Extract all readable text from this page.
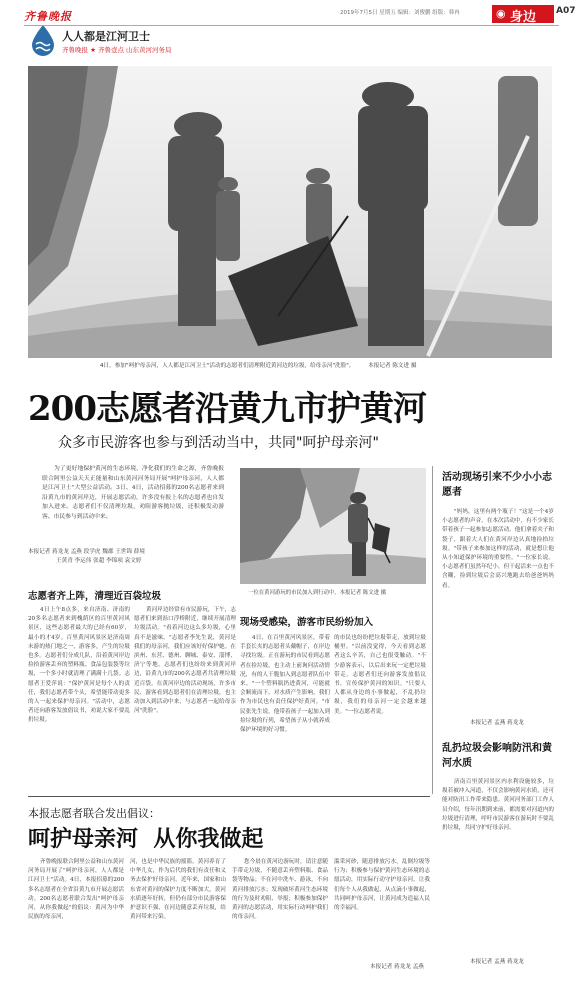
齐鲁晚报
人人都是江河卫士
齐鲁晚报 ★ 齐鲁壹点 山东黄河河务局
2019年7月5日 星期五 编辑：刘俊鹏 组版：韩冉	◉ 身边 A07
4日，参加"呵护母亲河，人人都是江河卫士"活动的志愿者们清理附近黄河边的垃圾，给母亲河"洗脸"。 本报记者 陈文进 摄
200志愿者沿黄九市护黄河
众多市民游客也参与到活动当中，共同"呵护母亲河"
为了更好地保护黄河的生态环境，净化我们的生命之源，齐鲁晚报联合阿里公益天天正能量和山东黄河河务局开展"呵护母亲河，人人都是江河卫士"大型公益活动。3日、4日，活动招募的200名志愿者来到沿黄九市的黄河岸边，开展志愿活动，许多没有报上名的志愿者也自发加入进来。志愿者们不仅清理垃圾，劝阻游客抛垃圾，还积极发动游客、市民参与到活动中来。
本报记者 蒋龙龙 孟燕 段学虎 魏郡 王世锦 薛境
王黄青 李运伟 张超 李锦项 袁文婷
志愿者齐上阵，清理近百袋垃圾
4日上午8点多，来自济南、济南的20多名志愿者来到槐荫区的百里黄河风景区，这些志愿者最大的已经有60岁，最小的才4岁。百里黄河风景区是济南周末游的热门地之一，游客多，产生的垃圾也多。志愿者们分成几队，沿着黄河岸边捡拾游客丢弃的塑料瓶、食品包装袋等垃圾，一个多小时就清理了满满十几袋。志愿者王爱萍说："保护黄河是每个人的责任，我们志愿者带个头，希望能带动更多的人一起来保护母亲河。"活动中，志愿者还向游客发放倡议书，劝说大家不要乱扔垃圾。
黄河岸边经常有市民游玩，下午，志愿者们来到泺口浮桥附近，继续开展清理垃圾活动。"看着河边这么多垃圾，心里真不是滋味。"志愿者李先生说，黄河是我们的母亲河，我们应该好好保护她。在滨州、东营、德州、聊城、泰安、淄博、济宁等地，志愿者们也纷纷来到黄河岸边，沿黄九市的200名志愿者共清理垃圾近百袋。在黄河岸边的活动现场，许多市民、游客看到志愿者们在清理垃圾，也主动加入到活动中来，与志愿者一起给母亲河"洗脸"。
一位在黄河游玩的市民加入到行动中。本报记者 陈文进 摄
现场受感染，游客市民纷纷加入
4日，在百里黄河风景区，带着手套长夹的志愿者头戴帽子，在岸边寻找垃圾。正在游玩的市民看到志愿者在捡垃圾，也主动上前询问活动情况，有的人干脆加入到志愿者队伍中来。"一个塑料瓶扔进黄河，可能就会顺流而下，对水质产生影响，我们作为市民也有责任保护好黄河。"市民张先生说，他带着孩子一起加入到捡垃圾的行列，希望孩子从小就养成保护环境的好习惯。
的市民也纷纷把垃圾带走，放到垃圾桶里。"以前没觉得，今天看到志愿者这么辛苦，自己也很受触动。"不少游客表示，以后出来玩一定把垃圾带走。志愿者们还向游客发放倡议书，宣传保护黄河的知识。"只要人人都从身边的小事做起，不乱扔垃圾，我们的母亲河一定会越来越美。"一位志愿者说。
活动现场引来不少小小志愿者
"妈妈，这里有两个瓶子！"这是一个4岁小志愿者的声音。在本次活动中，有不少家长带着孩子一起参加志愿活动。他们拿着夹子和袋子，跟着大人们在黄河岸边认真地捡拾垃圾。"带孩子来参加这样的活动，就是想让他从小知道保护环境的重要性。"一位家长说。小志愿者们虽然年纪小，但干起活来一点也不含糊，捡到垃圾后会高兴地跑去给爸爸妈妈看。
本报记者 孟燕 蒋龙龙
乱扔垃圾会影响防汛和黄河水质
济南百里黄河景区内水利设施较多，垃圾若被冲入河道，不仅会影响黄河水质，还可能对防汛工作带来隐患。黄河河务部门工作人员介绍，每年汛期到来前，都需要对河道内的垃圾进行清理，呼吁市民游客在游玩时不要乱扔垃圾，共同守护好母亲河。
本报记者 孟燕 蒋龙龙
本报志愿者联合发出倡议：
呵护母亲河  从你我做起
齐鲁晚报联合阿里公益和山东黄河河务局开展了"呵护母亲河，人人都是江河卫士"活动。4日，本报招募的200多名志愿者在全省沿黄九市开展志愿活动。200名志愿者联合发出"呵护母亲河，从你我做起"的倡议：黄河为中华民族的母亲河，
河，也是中华民族的摇篮。黄河养育了中华儿女，作为后代的我们有责任和义务去保护好母亲河。近年来，国家和山东省对黄河的保护力度不断加大，黄河水质逐年好转，但仍有部分市民游客保护意识不强，在河边随意丢弃垃圾，给黄河带来污染。
您今晨在黄河边游玩时，请注意随手带走垃圾，不随意丢弃塑料瓶、食品袋等物品；不在河中洗车、游泳，不向黄河排放污水；发现破坏黄河生态环境的行为及时劝阻、举报；积极参加保护黄河的志愿活动，用实际行动呵护我们的母亲河。
滥采河砂，随意排放污水，乱倒垃圾等行为；积极参与保护黄河生态环境的志愿活动，用实际行动守护母亲河。让我们每个人从我做起，从点滴小事做起，共同呵护母亲河，让黄河成为造福人民的幸福河。
本报记者 蒋龙龙 孟燕
